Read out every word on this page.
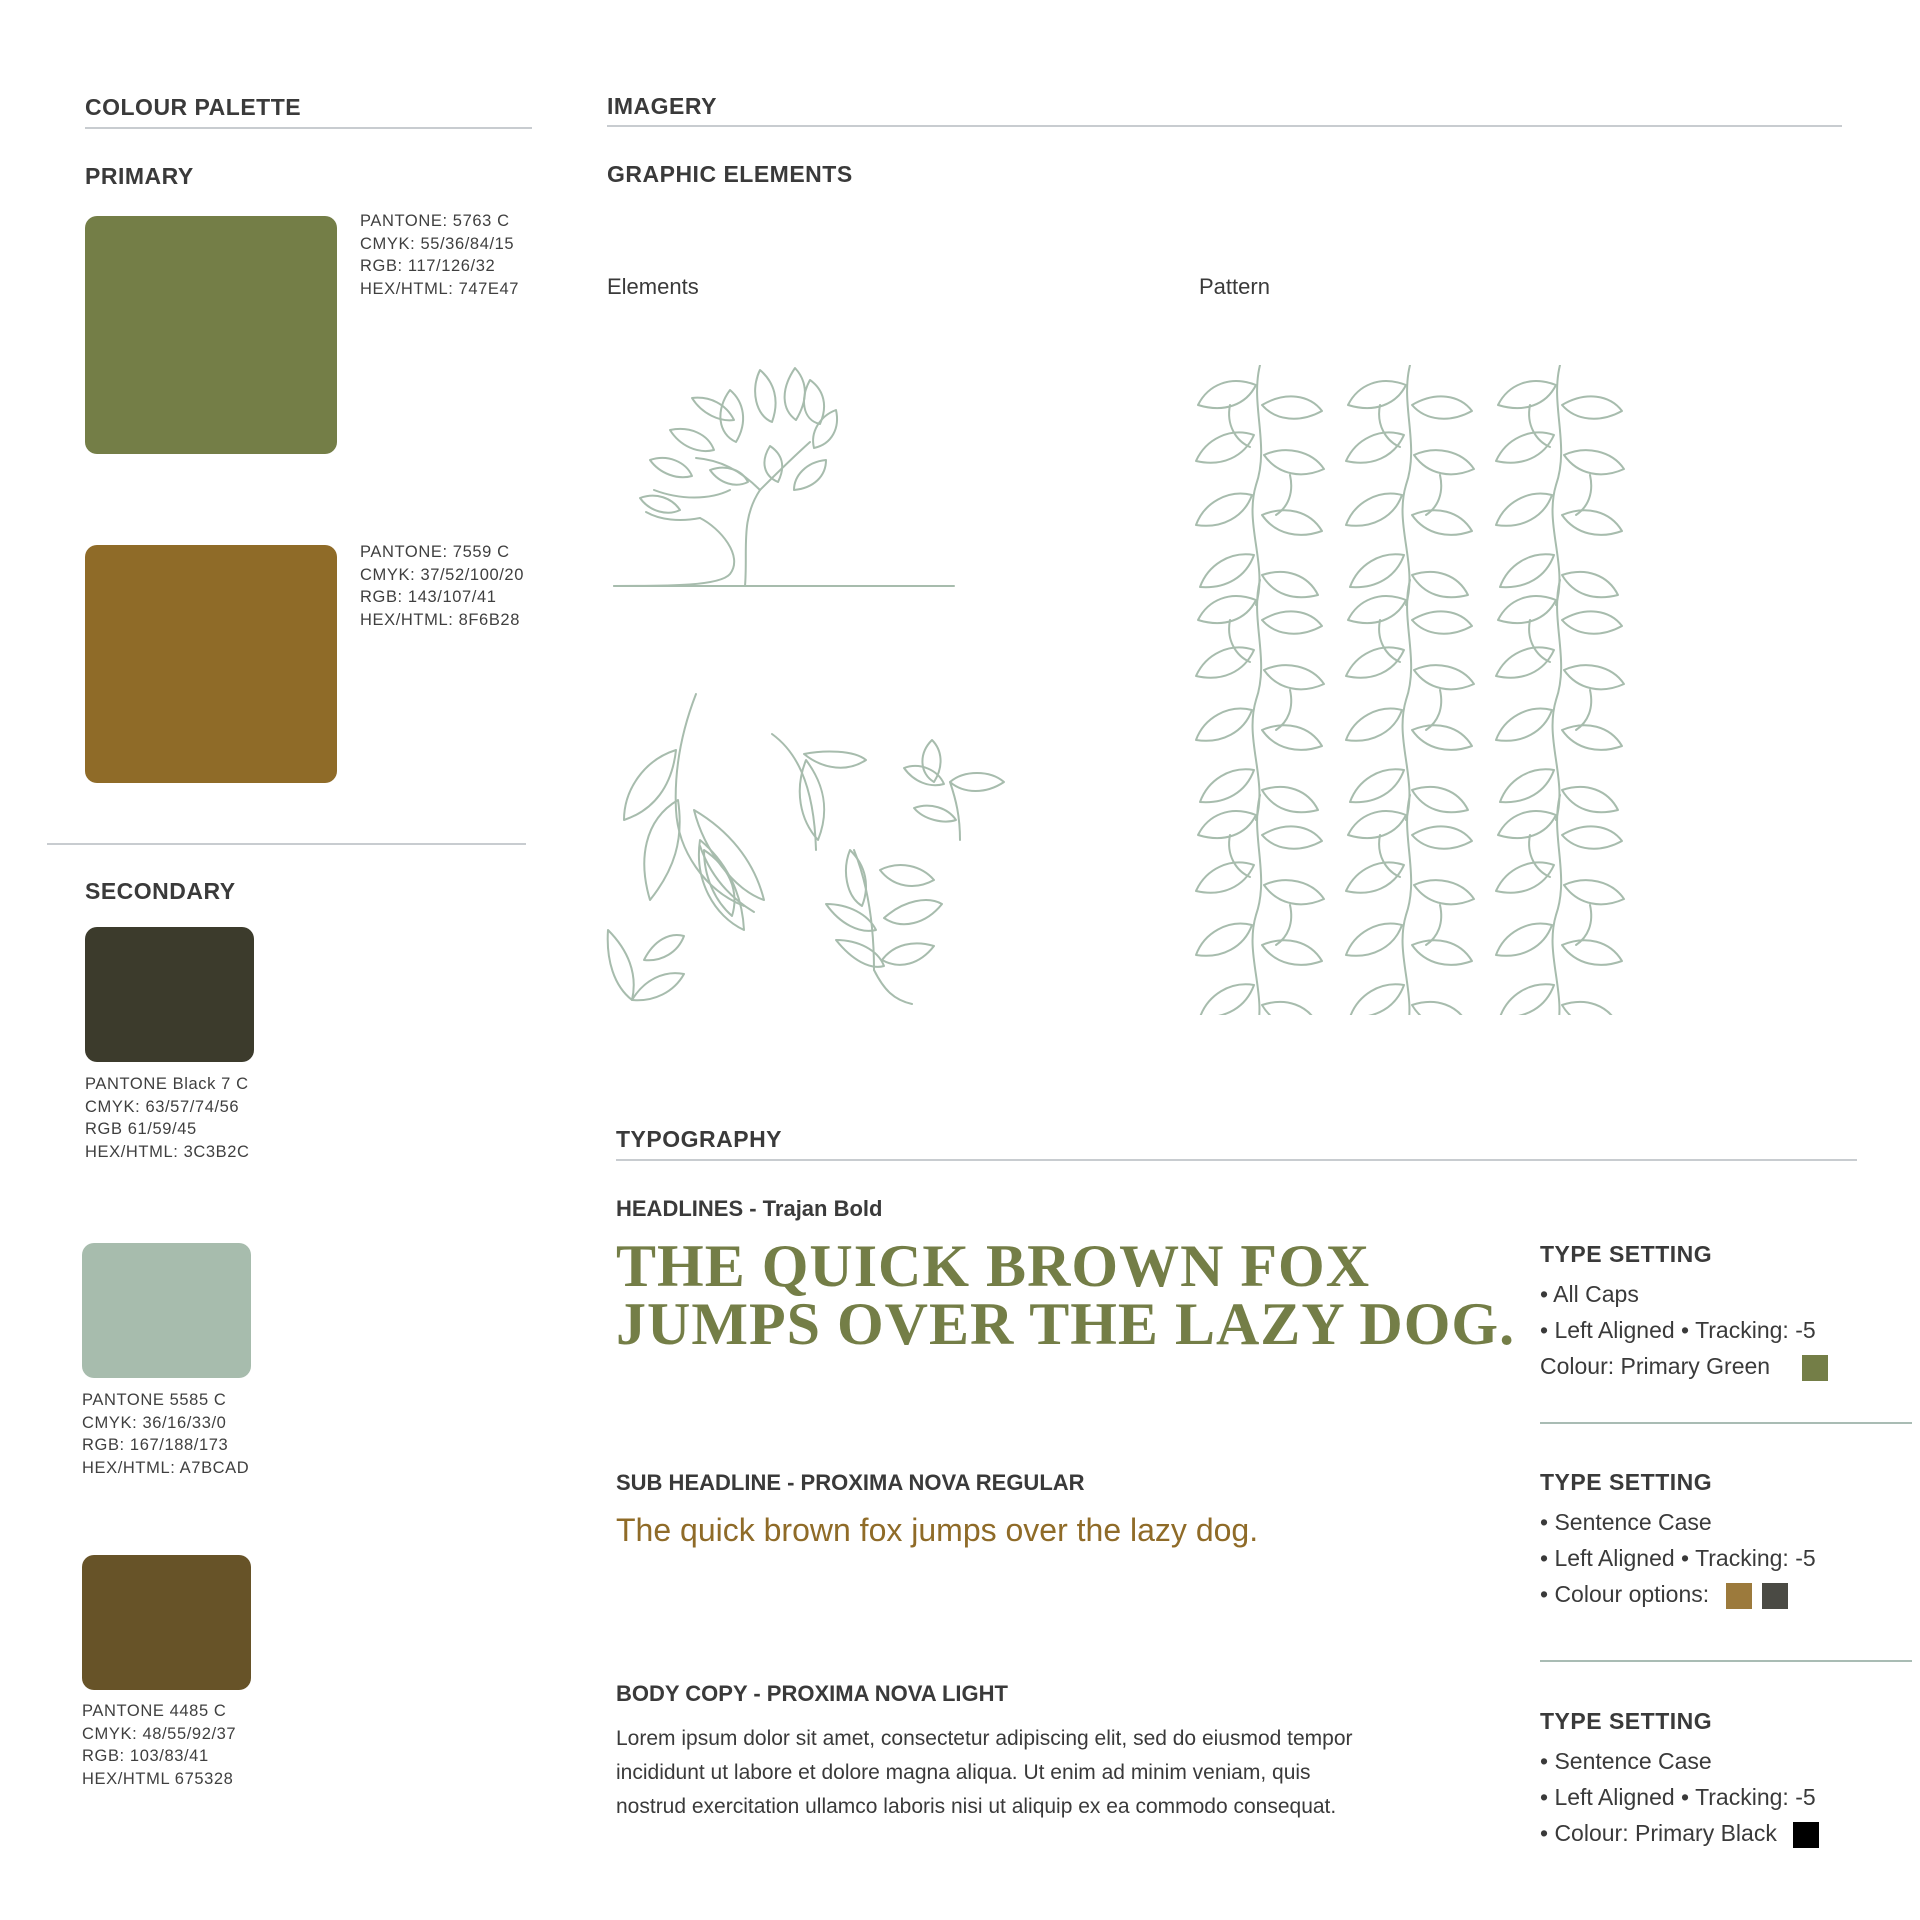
COLOUR PALETTE
PRIMARY
PANTONE: 5763 C
CMYK: 55/36/84/15
RGB: 117/126/32
HEX/HTML: 747E47
PANTONE: 7559 C
CMYK: 37/52/100/20
RGB: 143/107/41
HEX/HTML: 8F6B28
SECONDARY
PANTONE Black 7 C
CMYK: 63/57/74/56
RGB 61/59/45
HEX/HTML: 3C3B2C
PANTONE 5585 C
CMYK: 36/16/33/0
RGB: 167/188/173
HEX/HTML: A7BCAD
PANTONE 4485 C
CMYK: 48/55/92/37
RGB: 103/83/41
HEX/HTML 675328
IMAGERY
GRAPHIC ELEMENTS
Elements	Pattern
TYPOGRAPHY
HEADLINES - Trajan Bold
THE QUICK BROWN FOX
JUMPS OVER THE LAZY DOG.
TYPE SETTING
• All Caps
• Left Aligned • Tracking: -5
Colour: Primary Green
SUB HEADLINE - PROXIMA NOVA REGULAR
The quick brown fox jumps over the lazy dog.
TYPE SETTING
• Sentence Case
• Left Aligned • Tracking: -5
• Colour options:
BODY COPY - PROXIMA NOVA LIGHT
Lorem ipsum dolor sit amet, consectetur adipiscing elit, sed do eiusmod tempor
incididunt ut labore et dolore magna aliqua. Ut enim ad minim veniam, quis
nostrud exercitation ullamco laboris nisi ut aliquip ex ea commodo consequat.
TYPE SETTING
• Sentence Case
• Left Aligned • Tracking: -5
• Colour: Primary Black
